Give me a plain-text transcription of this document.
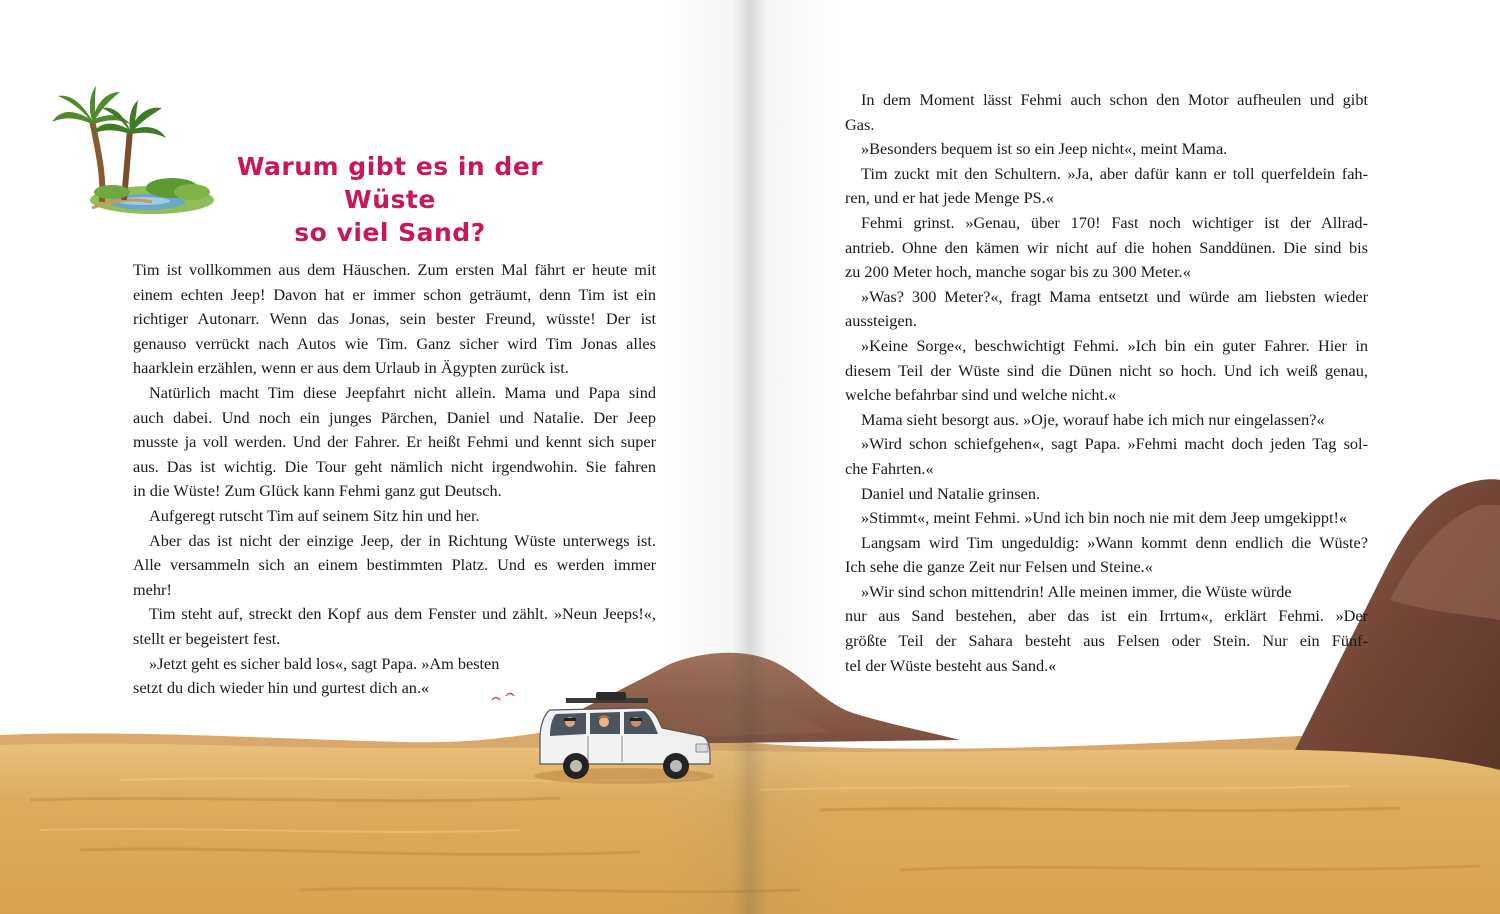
Warum gibt es in der Wüste
so viel Sand?
Tim ist vollkommen aus dem Häuschen. Zum ersten Mal fährt er heute mit
einem echten Jeep! Davon hat er immer schon geträumt, denn Tim ist ein
richtiger Autonarr. Wenn das Jonas, sein bester Freund, wüsste! Der ist
genauso verrückt nach Autos wie Tim. Ganz sicher wird Tim Jonas alles
haarklein erzählen, wenn er aus dem Urlaub in Ägypten zurück ist.
Natürlich macht Tim diese Jeepfahrt nicht allein. Mama und Papa sind
auch dabei. Und noch ein junges Pärchen, Daniel und Natalie. Der Jeep
musste ja voll werden. Und der Fahrer. Er heißt Fehmi und kennt sich super
aus. Das ist wichtig. Die Tour geht nämlich nicht irgendwohin. Sie fahren
in die Wüste! Zum Glück kann Fehmi ganz gut Deutsch.
Aufgeregt rutscht Tim auf seinem Sitz hin und her.
Aber das ist nicht der einzige Jeep, der in Richtung Wüste unterwegs ist.
Alle versammeln sich an einem bestimmten Platz. Und es werden immer
mehr!
Tim steht auf, streckt den Kopf aus dem Fenster und zählt. »Neun Jeeps!«,
stellt er begeistert fest.
»Jetzt geht es sicher bald los«, sagt Papa. »Am besten
setzt du dich wieder hin und gurtest dich an.«
In dem Moment lässt Fehmi auch schon den Motor aufheulen und gibt
Gas.
»Besonders bequem ist so ein Jeep nicht«, meint Mama.
Tim zuckt mit den Schultern. »Ja, aber dafür kann er toll querfeldein fah-
ren, und er hat jede Menge PS.«
Fehmi grinst. »Genau, über 170! Fast noch wichtiger ist der Allrad-
antrieb. Ohne den kämen wir nicht auf die hohen Sanddünen. Die sind bis
zu 200 Meter hoch, manche sogar bis zu 300 Meter.«
»Was? 300 Meter?«, fragt Mama entsetzt und würde am liebsten wieder
aussteigen.
»Keine Sorge«, beschwichtigt Fehmi. »Ich bin ein guter Fahrer. Hier in
diesem Teil der Wüste sind die Dünen nicht so hoch. Und ich weiß genau,
welche befahrbar sind und welche nicht.«
Mama sieht besorgt aus. »Oje, worauf habe ich mich nur eingelassen?«
»Wird schon schiefgehen«, sagt Papa. »Fehmi macht doch jeden Tag sol-
che Fahrten.«
Daniel und Natalie grinsen.
»Stimmt«, meint Fehmi. »Und ich bin noch nie mit dem Jeep umgekippt!«
Langsam wird Tim ungeduldig: »Wann kommt denn endlich die Wüste?
Ich sehe die ganze Zeit nur Felsen und Steine.«
»Wir sind schon mittendrin! Alle meinen immer, die Wüste würde
nur aus Sand bestehen, aber das ist ein Irrtum«, erklärt Fehmi. »Der
größte Teil der Sahara besteht aus Felsen oder Stein. Nur ein Fünf-
tel der Wüste besteht aus Sand.«
